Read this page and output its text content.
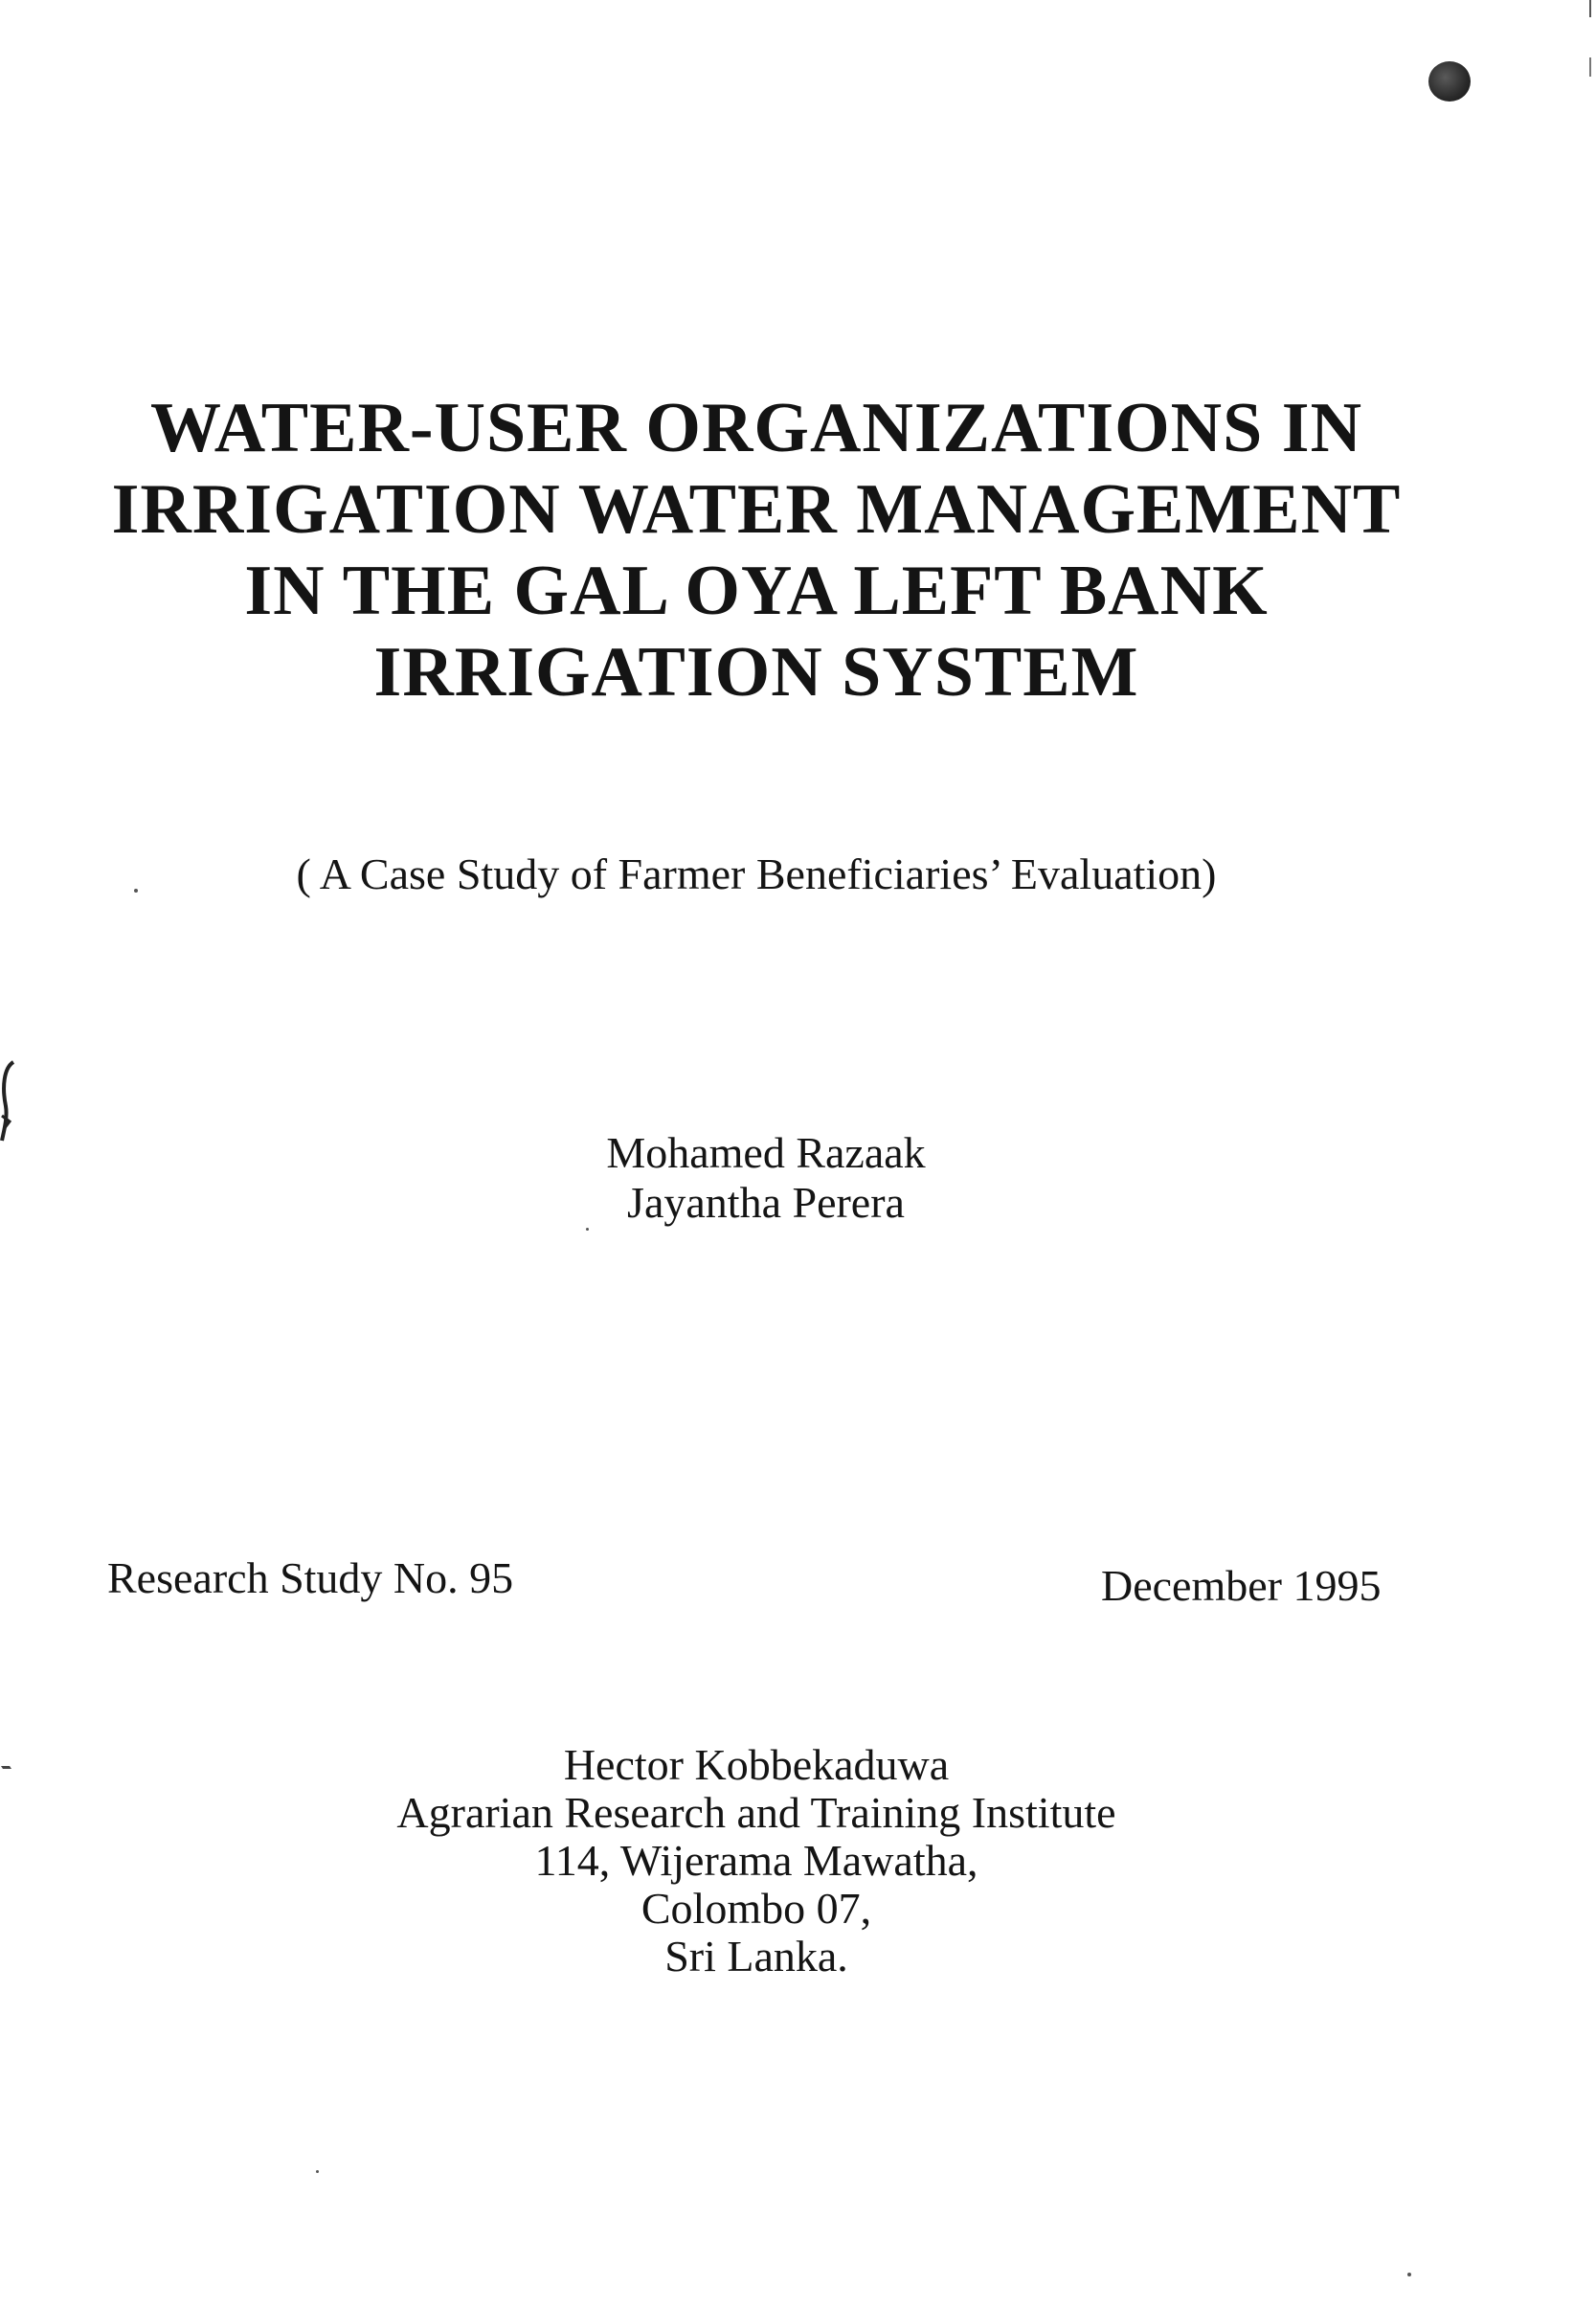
WATER-USER ORGANIZATIONS IN
IRRIGATION WATER MANAGEMENT
IN THE GAL OYA LEFT BANK
IRRIGATION SYSTEM
( A Case Study of Farmer Beneficiaries’ Evaluation)
Mohamed Razaak
Jayantha Perera
Research Study No. 95	December 1995
Hector Kobbekaduwa
Agrarian Research and Training Institute
114, Wijerama Mawatha,
Colombo 07,
Sri Lanka.
